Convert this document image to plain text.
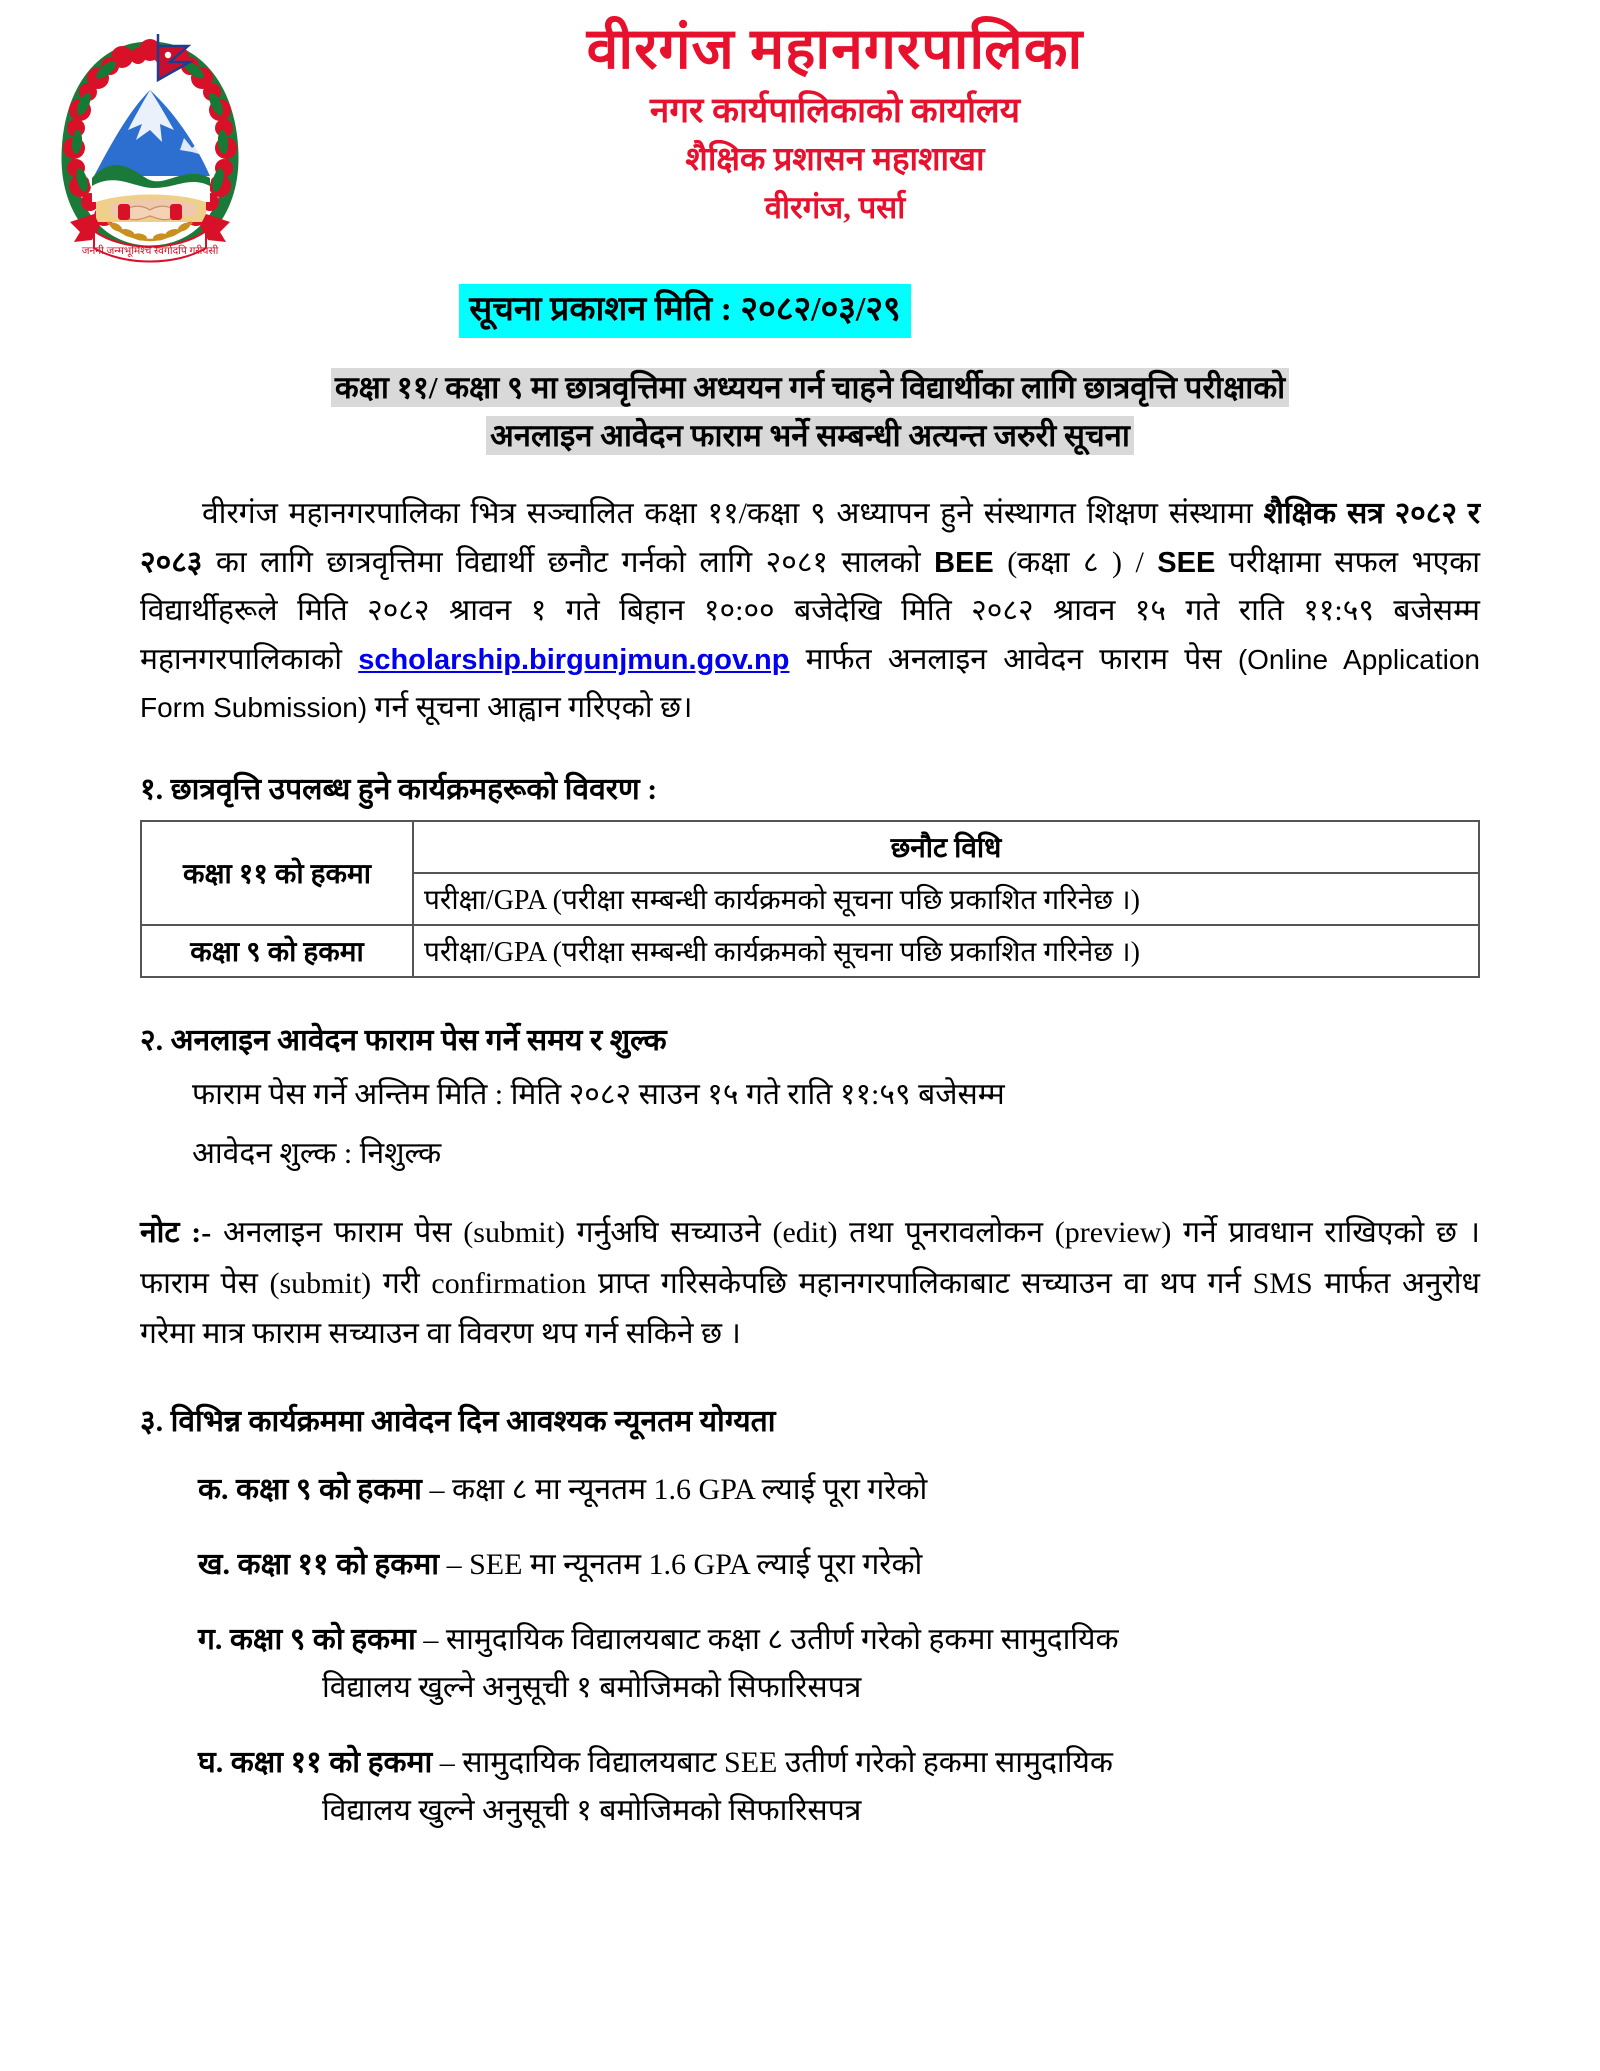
जननी जन्मभूमिश्च स्वर्गादपि गरीयसी
वीरगंज महानगरपालिका
नगर कार्यपालिकाको कार्यालय
शैक्षिक प्रशासन महाशाखा
वीरगंज, पर्सा
सूचना प्रकाशन मिति : २०८२/०३/२९
कक्षा ११/ कक्षा ९ मा छात्रवृत्तिमा अध्ययन गर्न चाहने विद्यार्थीका लागि छात्रवृत्ति परीक्षाको
अनलाइन आवेदन फाराम भर्ने सम्बन्धी अत्यन्त जरुरी सूचना
वीरगंज महानगरपालिका भित्र सञ्चालित कक्षा ११/कक्षा ९ अध्यापन हुने संस्थागत शिक्षण संस्थामा शैक्षिक सत्र २०८२ र २०८३ का लागि छात्रवृत्तिमा विद्यार्थी छनौट गर्नको लागि २०८१ सालको BEE (कक्षा ८ ) / SEE परीक्षामा सफल भएका विद्यार्थीहरूले मिति २०८२ श्रावन १ गते बिहान १०:०० बजेदेखि मिति २०८२ श्रावन १५ गते राति ११:५९ बजेसम्म महानगरपालिकाको scholarship.birgunjmun.gov.np मार्फत अनलाइन आवेदन फाराम पेस (Online Application Form Submission) गर्न सूचना आह्वान गरिएको छ।
१. छात्रवृत्ति उपलब्ध हुने कार्यक्रमहरूको विवरण :
कक्षा ११ को हकमा	छनौट विधि
	परीक्षा/GPA (परीक्षा सम्बन्धी कार्यक्रमको सूचना पछि प्रकाशित गरिनेछ ।)
कक्षा ९ को हकमा	परीक्षा/GPA (परीक्षा सम्बन्धी कार्यक्रमको सूचना पछि प्रकाशित गरिनेछ ।)
२. अनलाइन आवेदन फाराम पेस गर्ने समय र शुल्क
फाराम पेस गर्ने अन्तिम मिति : मिति २०८२ साउन १५ गते राति ११:५९ बजेसम्म
आवेदन शुल्क : निशुल्क
नोट :- अनलाइन फाराम पेस (submit) गर्नुअघि सच्याउने (edit) तथा पूनरावलोकन (preview) गर्ने प्रावधान राखिएको छ । फाराम पेस (submit) गरी confirmation प्राप्त गरिसकेपछि महानगरपालिकाबाट सच्याउन वा थप गर्न SMS मार्फत अनुरोध गरेमा मात्र फाराम सच्याउन वा विवरण थप गर्न सकिने छ ।
३. विभिन्न कार्यक्रममा आवेदन दिन आवश्यक न्यूनतम योग्यता
क. कक्षा ९ को हकमा – कक्षा ८ मा न्यूनतम 1.6 GPA ल्याई पूरा गरेको
ख. कक्षा ११ को हकमा – SEE मा न्यूनतम 1.6 GPA ल्याई पूरा गरेको
ग. कक्षा ९ को हकमा – सामुदायिक विद्यालयबाट कक्षा ८ उतीर्ण गरेको हकमा सामुदायिक
विद्यालय खुल्ने अनुसूची १ बमोजिमको सिफारिसपत्र
घ. कक्षा ११ को हकमा – सामुदायिक विद्यालयबाट SEE उतीर्ण गरेको हकमा सामुदायिक
विद्यालय खुल्ने अनुसूची १ बमोजिमको सिफारिसपत्र
